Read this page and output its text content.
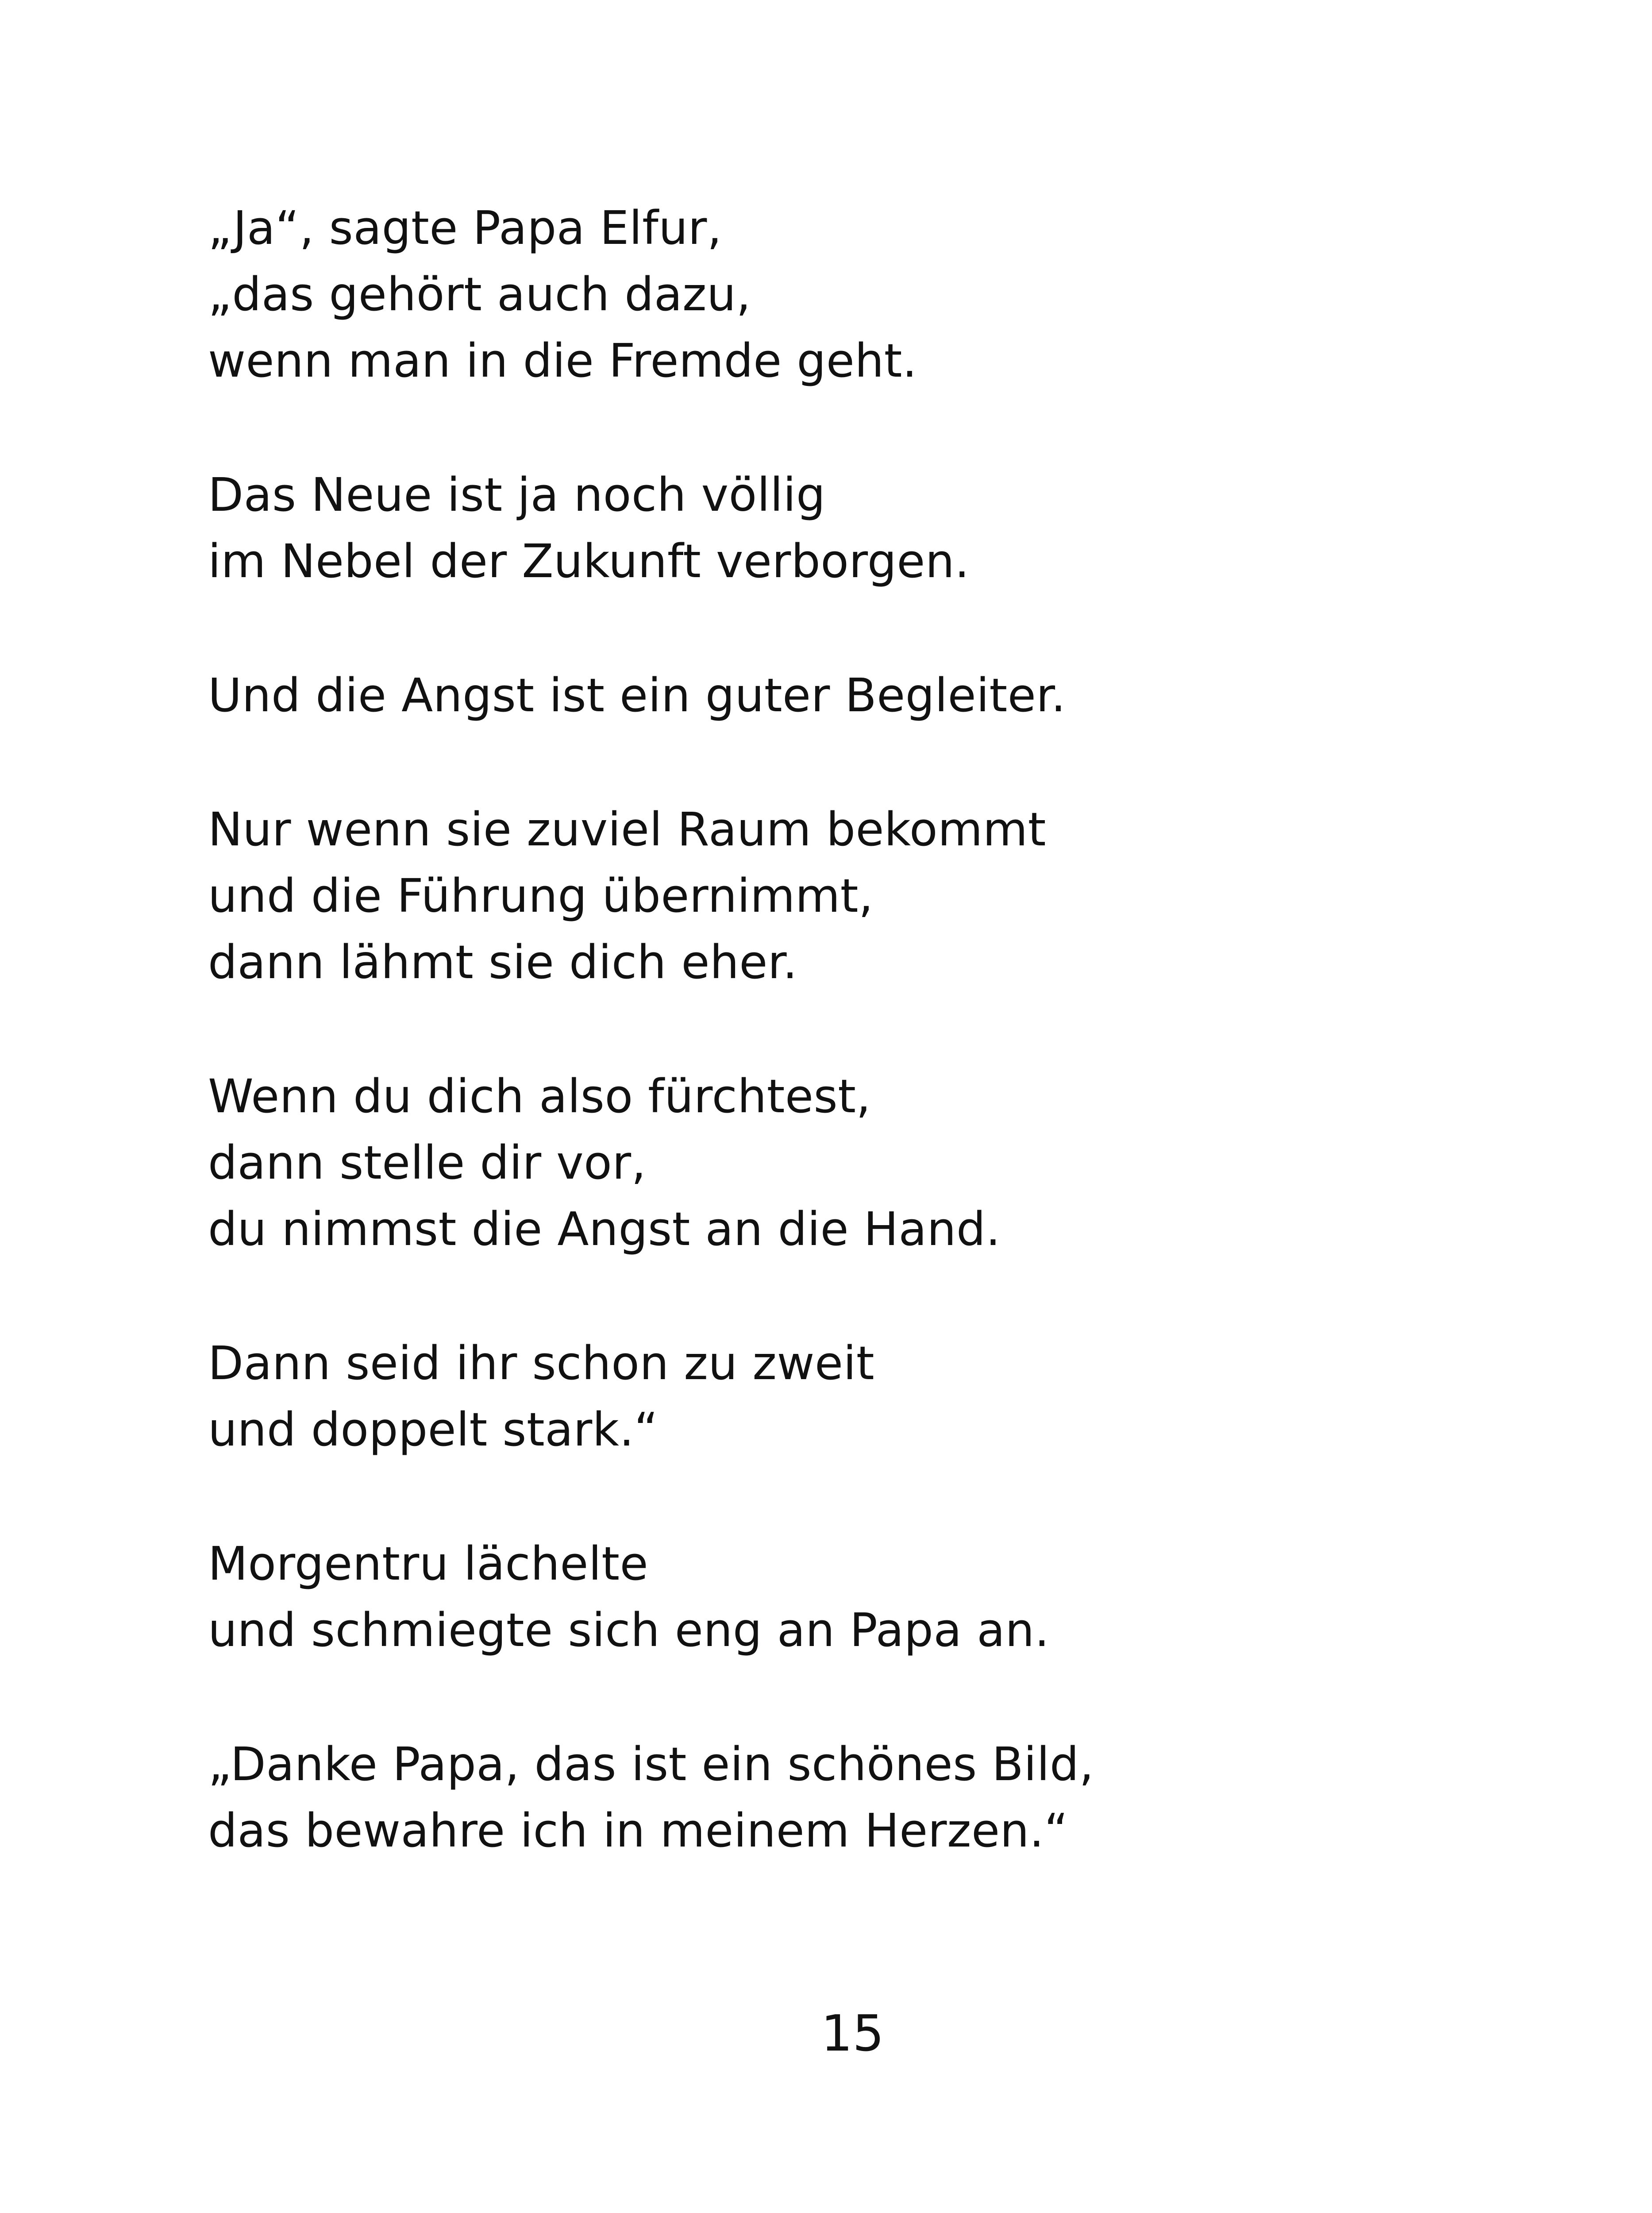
„Ja“, sagte Papa Elfur,
„das gehört auch dazu,
wenn man in die Fremde geht.
Das Neue ist ja noch völlig
im Nebel der Zukunft verborgen.
Und die Angst ist ein guter Begleiter.
Nur wenn sie zuviel Raum bekommt
und die Führung übernimmt,
dann lähmt sie dich eher.
Wenn du dich also fürchtest,
dann stelle dir vor,
du nimmst die Angst an die Hand.
Dann seid ihr schon zu zweit
und doppelt stark.“
Morgentru lächelte
und schmiegte sich eng an Papa an.
„Danke Papa, das ist ein schönes Bild,
das bewahre ich in meinem Herzen.“
15
